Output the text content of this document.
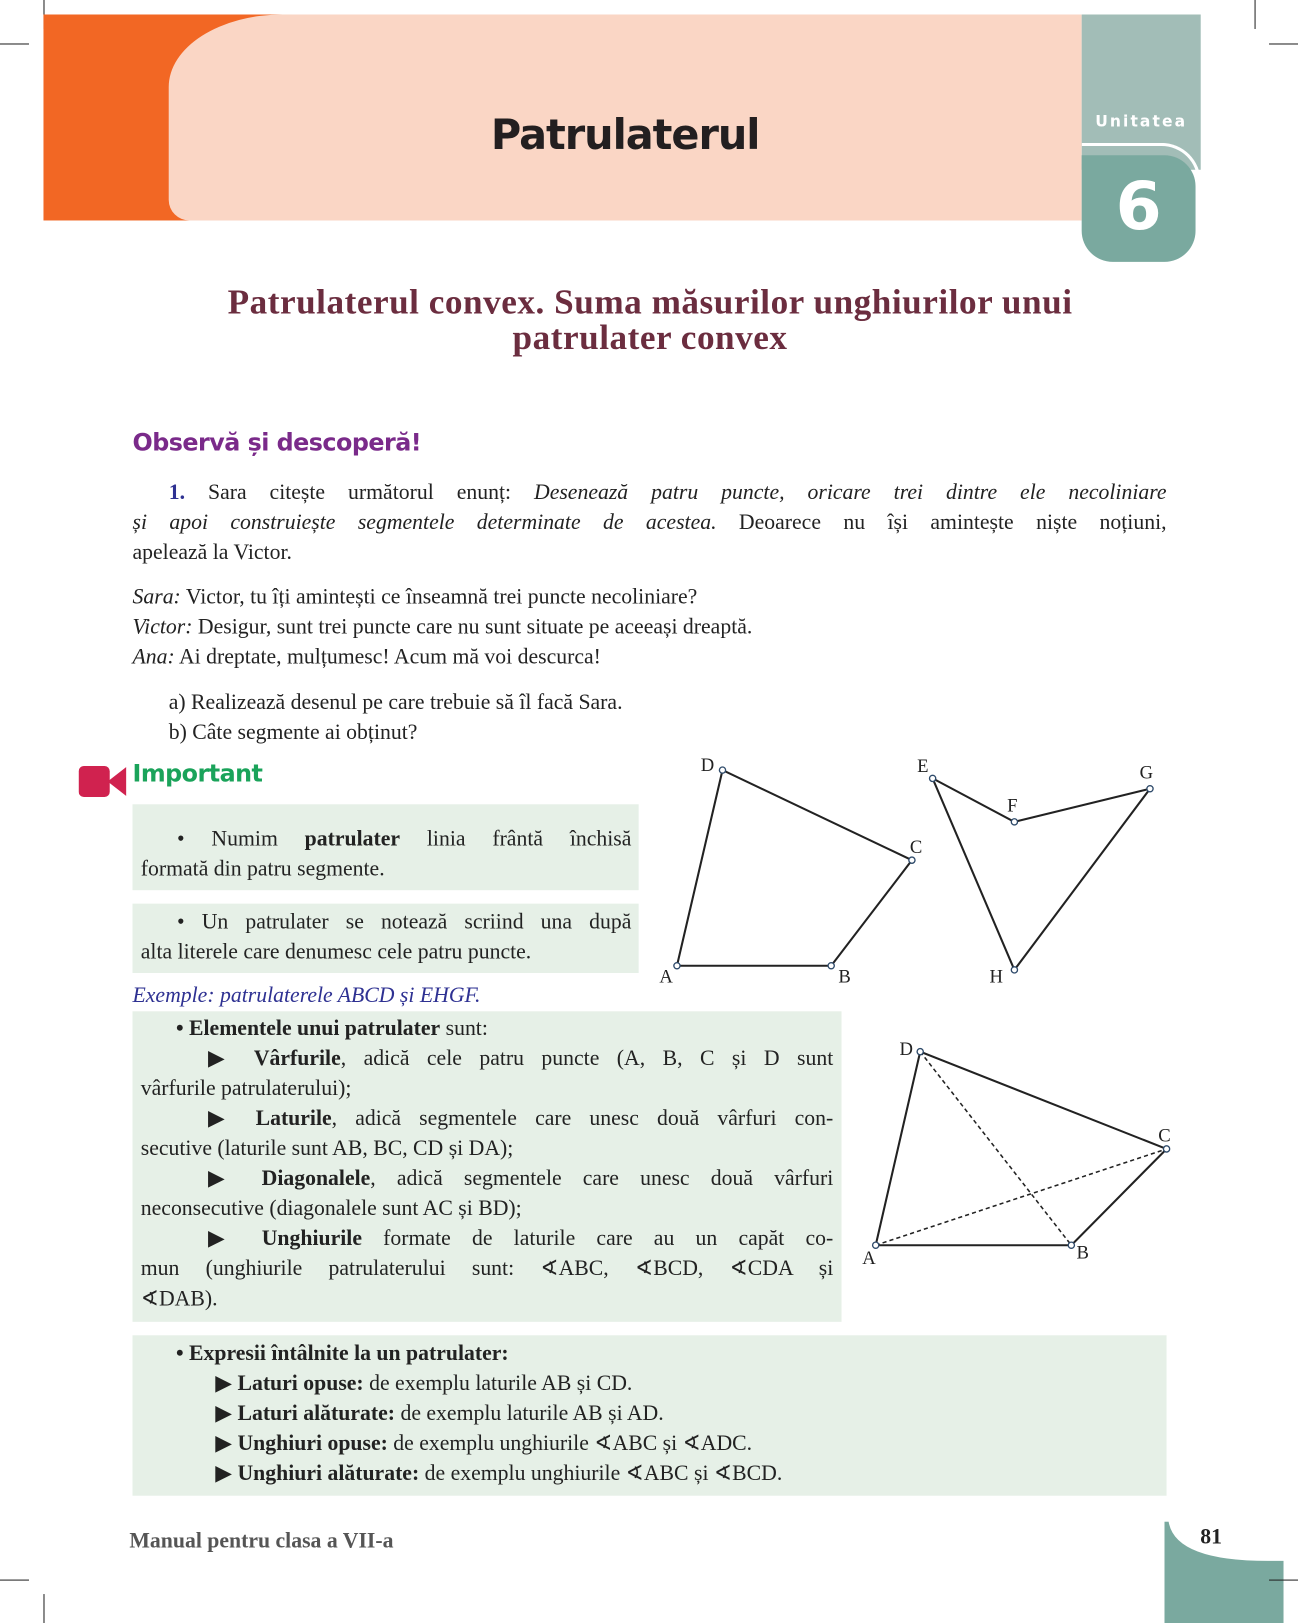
Patrulaterul	Unitatea
6
Patrulaterul convex. Suma măsurilor unghiurilor unui
patrulater convex
Observă și descoperă!
1. Sara citește următorul enunț: Desenează patru puncte, oricare trei dintre ele necoliniare
și apoi construiește segmentele determinate de acestea. Deoarece nu își amintește niște noțiuni,
apelează la Victor.
Sara: Victor, tu îți amintești ce înseamnă trei puncte necoliniare?
Victor: Desigur, sunt trei puncte care nu sunt situate pe aceeași dreaptă.
Ana: Ai dreptate, mulțumesc! Acum mă voi descurca!
a) Realizează desenul pe care trebuie să îl facă Sara.
b) Câte segmente ai obținut?
Important
• Numim patrulater linia frântă închisă
formată din patru segmente.
• Un patrulater se notează scriind una după
alta literele care denumesc cele patru puncte.
Exemple: patrulaterele ABCD și EHGF.
• Elementele unui patrulater sunt:
▶ Vârfurile, adică cele patru puncte (A, B, C și D sunt
vârfurile patrulaterului);
▶ Laturile, adică segmentele care unesc două vârfuri con-
secutive (laturile sunt AB, BC, CD și DA);
▶ Diagonalele, adică segmentele care unesc două vârfuri
neconsecutive (diagonalele sunt AC și BD);
▶ Unghiurile formate de laturile care au un capăt co-
mun (unghiurile patrulaterului sunt: ∢ABC, ∢BCD, ∢CDA și
∢DAB).
• Expresii întâlnite la un patrulater:
▶ Laturi opuse: de exemplu laturile AB și CD.
▶ Laturi alăturate: de exemplu laturile AB și AD.
▶ Unghiuri opuse: de exemplu unghiurile ∢ABC și ∢ADC.
▶ Unghiuri alăturate: de exemplu unghiurile ∢ABC și ∢BCD.
A	B
C
D	E
F
G
H
A	B
C
D
Manual pentru clasa a VII-a	81
